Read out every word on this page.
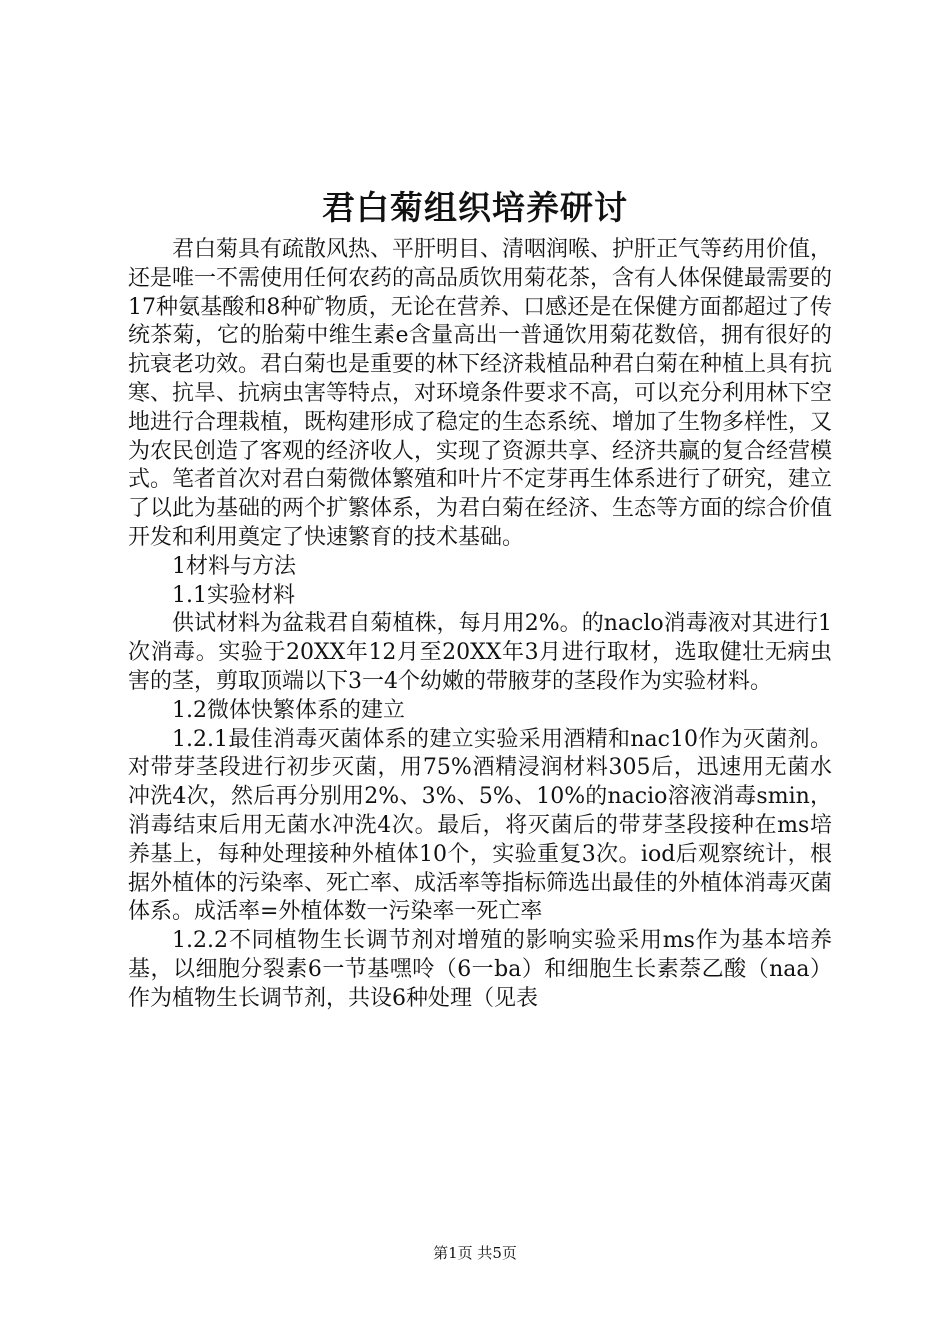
君白菊组织培养研讨

君白菊具有疏散风热、平肝明目、清咽润喉、护肝正气等药用价值，还是唯一不需使用任何农药的高品质饮用菊花茶，含有人体保健最需要的17种氨基酸和8种矿物质，无论在营养、口感还是在保健方面都超过了传统茶菊，它的胎菊中维生素e含量高出一普通饮用菊花数倍，拥有很好的抗衰老功效。君白菊也是重要的林下经济栽植品种君白菊在种植上具有抗寒、抗旱、抗病虫害等特点，对环境条件要求不高，可以充分利用林下空地进行合理栽植，既构建形成了稳定的生态系统、增加了生物多样性，又为农民创造了客观的经济收人，实现了资源共享、经济共赢的复合经营模式。笔者首次对君白菊微体繁殖和叶片不定芽再生体系进行了研究，建立了以此为基础的两个扩繁体系，为君白菊在经济、生态等方面的综合价值开发和利用奠定了快速繁育的技术基础。

1材料与方法

1.1实验材料

供试材料为盆栽君自菊植株，每月用2%。的naclo消毒液对其进行1次消毒。实验于20XX年12月至20XX年3月进行取材，选取健壮无病虫害的茎，剪取顶端以下3一4个幼嫩的带腋芽的茎段作为实验材料。

1.2微体快繁体系的建立

1.2.1最佳消毒灭菌体系的建立实验采用酒精和nac10作为灭菌剂。对带芽茎段进行初步灭菌，用75%酒精浸润材料305后，迅速用无菌水冲洗4次，然后再分别用2%、3%、5%、10%的nacio溶液消毒smin，消毒结束后用无菌水冲洗4次。最后，将灭菌后的带芽茎段接种在ms培养基上，每种处理接种外植体10个，实验重复3次。iod后观察统计，根据外植体的污染率、死亡率、成活率等指标筛选出最佳的外植体消毒灭菌体系。成活率=外植体数一污染率一死亡率

1.2.2不同植物生长调节剂对增殖的影响实验采用ms作为基本培养基，以细胞分裂素6一节基嘿呤（6一ba）和细胞生长素萘乙酸（naa）作为植物生长调节剂，共设6种处理（见表

第1页 共5页
